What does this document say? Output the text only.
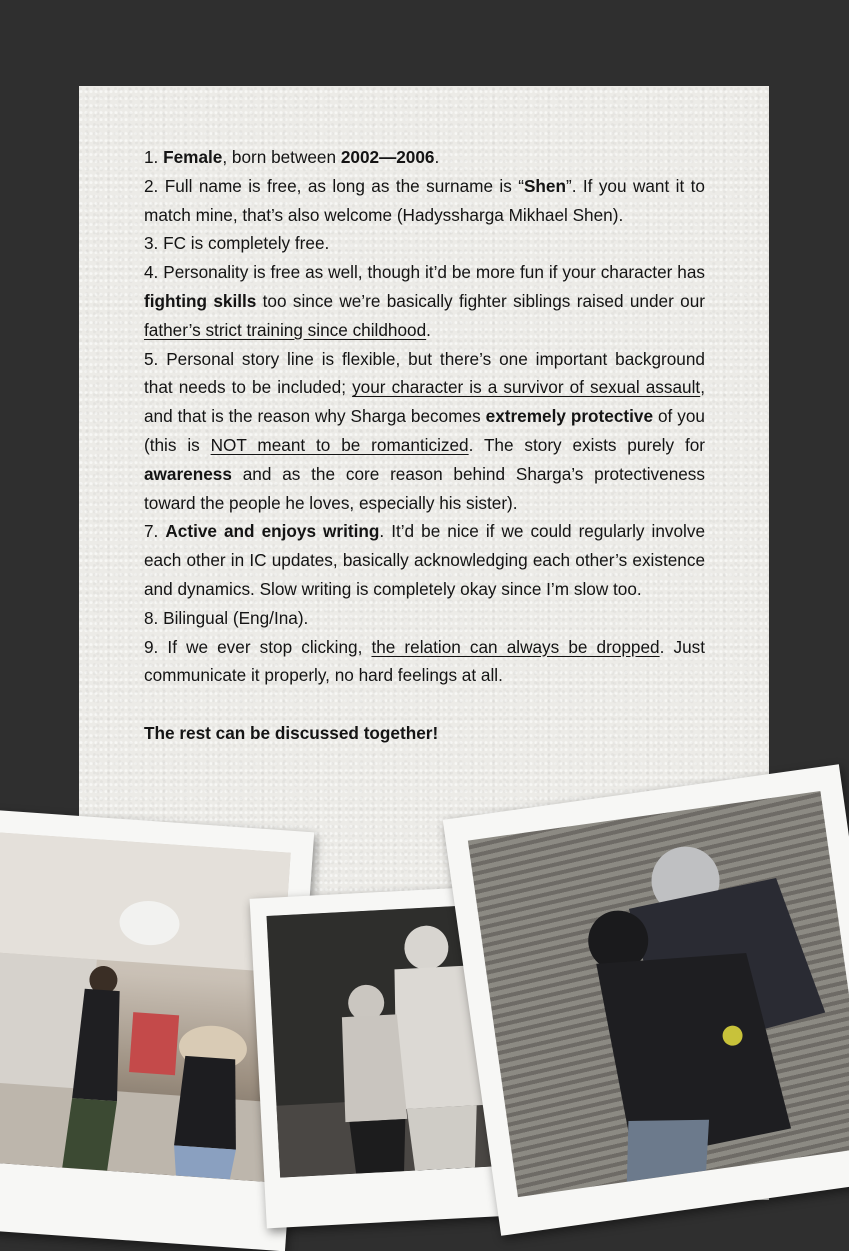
1. Female, born between 2002—2006.

2. Full name is free, as long as the surname is “Shen”. If you want it to match mine, that’s also welcome (Hadyssharga Mikhael Shen).

3. FC is completely free.

4. Personality is free as well, though it’d be more fun if your character has fighting skills too since we’re basically fighter siblings raised under our father’s strict training since childhood.

5. Personal story line is flexible, but there’s one important background that needs to be included; your character is a survivor of sexual assault, and that is the reason why Sharga becomes extremely protective of you (this is NOT meant to be romanticized. The story exists purely for awareness and as the core reason behind Sharga’s protectiveness toward the people he loves, especially his sister).

7. Active and enjoys writing. It’d be nice if we could regularly involve each other in IC updates, basically acknowledging each other’s existence and dynamics. Slow writing is completely okay since I’m slow too.

8. Bilingual (Eng/Ina).

9. If we ever stop clicking, the relation can always be dropped. Just communicate it properly, no hard feelings at all.

The rest can be discussed together!
